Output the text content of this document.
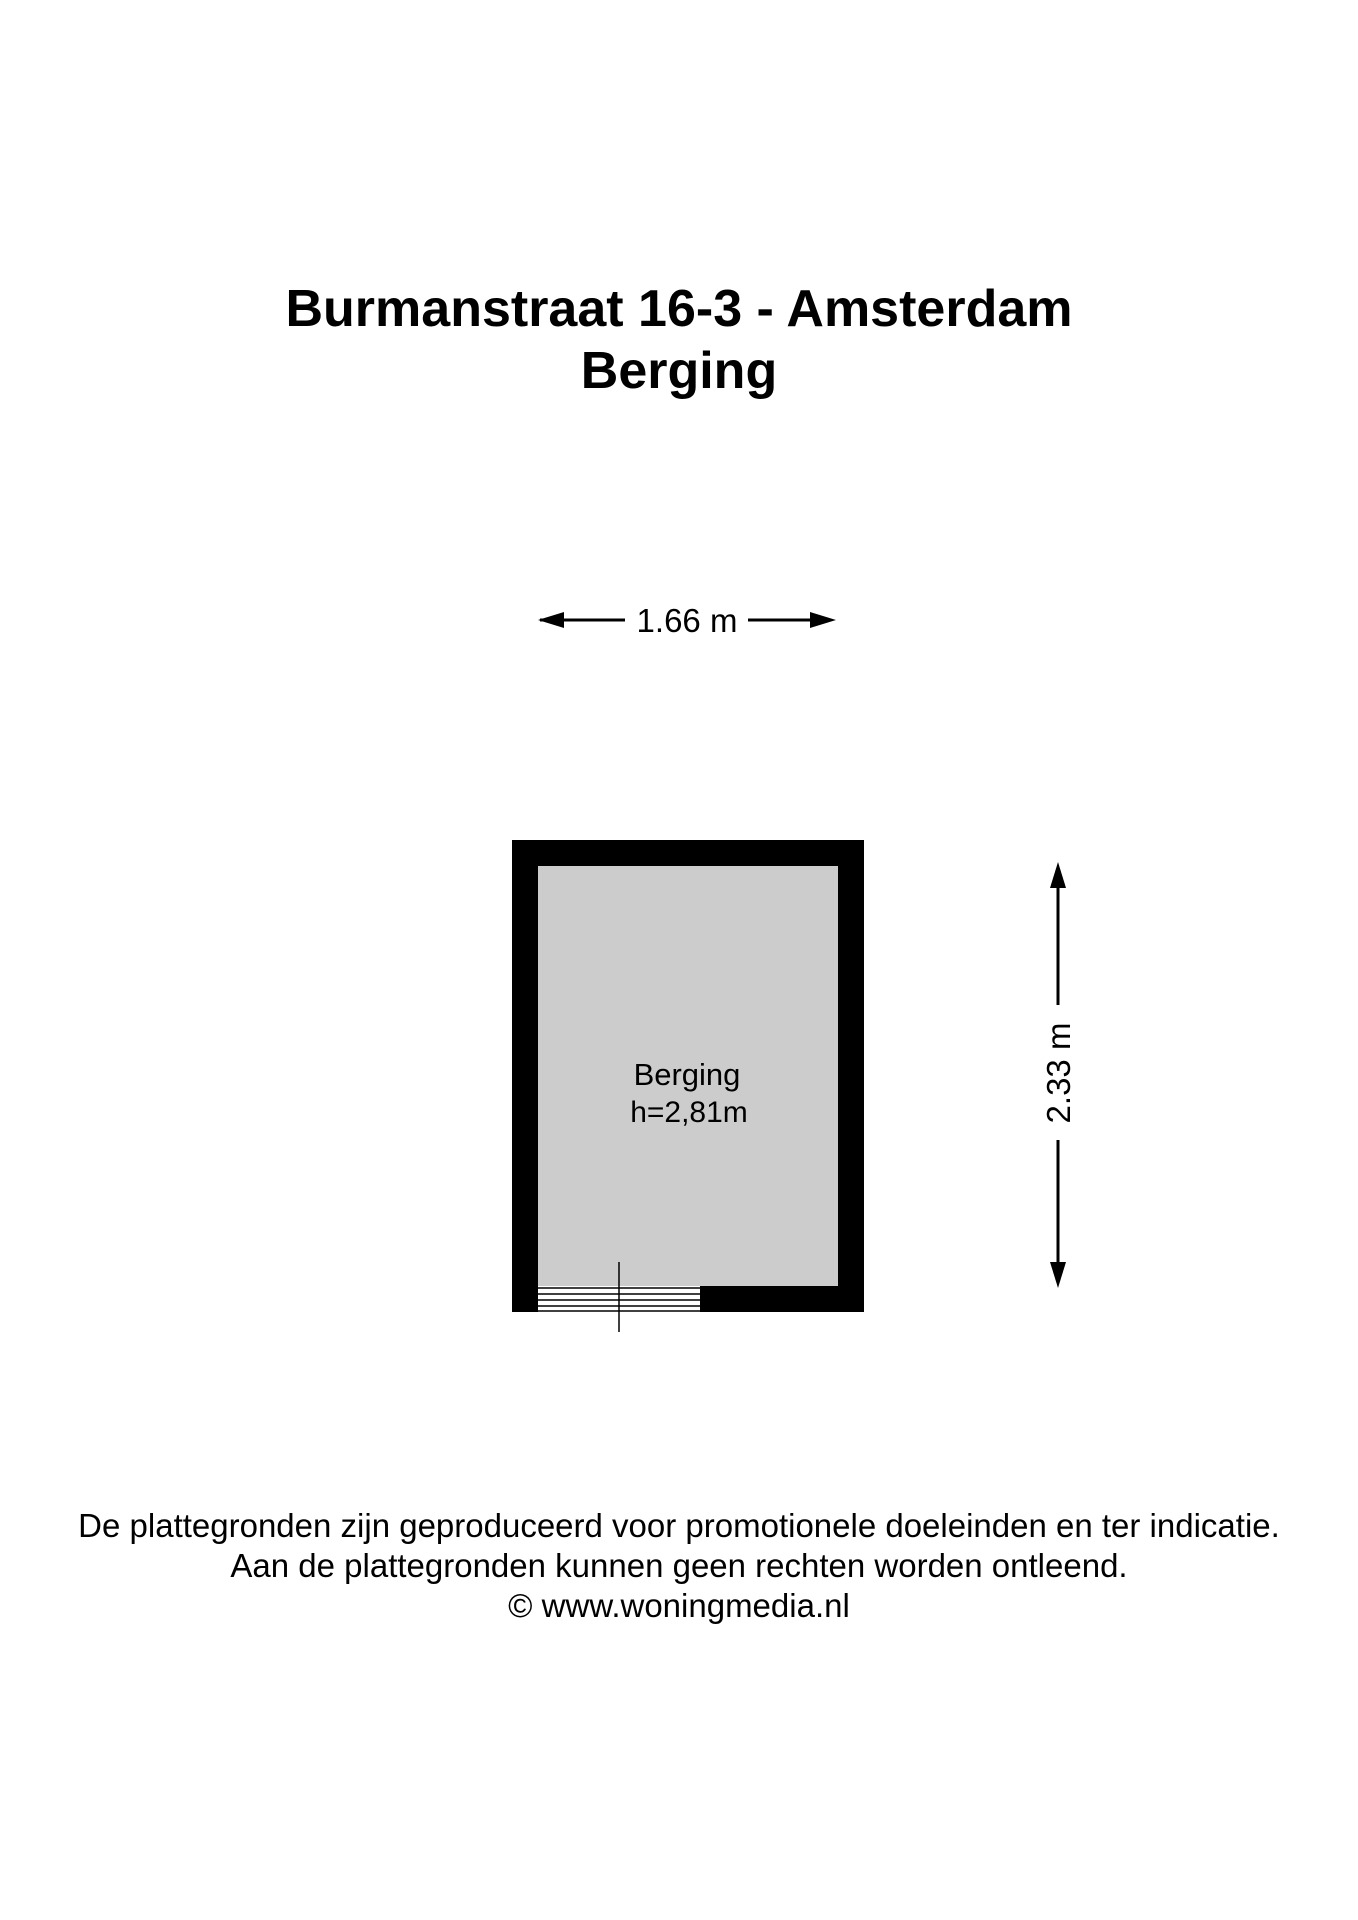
Burmanstraat 16-3 - Amsterdam
Berging
1.66 m
2.33 m
Berging
h=2,81m
De plattegronden zijn geproduceerd voor promotionele doeleinden en ter indicatie.
Aan de plattegronden kunnen geen rechten worden ontleend.
© www.woningmedia.nl
